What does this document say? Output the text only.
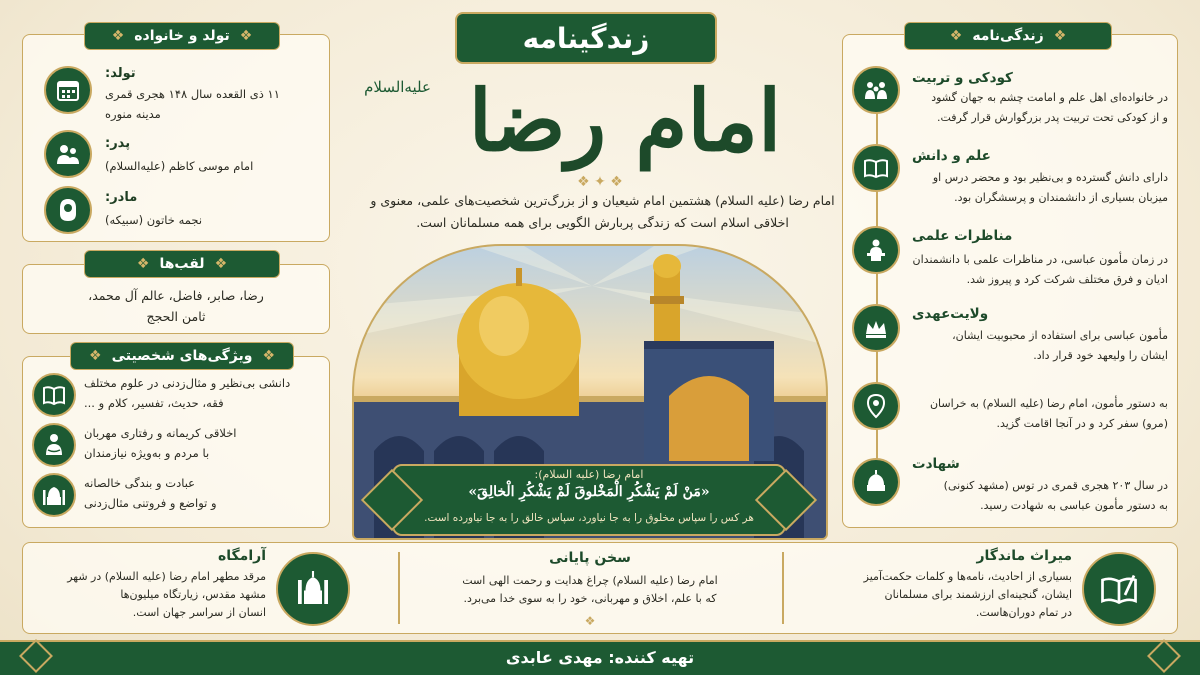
زندگینامه
امام رضا
علیه‌السلام
❖ ✦ ❖
امام رضا (علیه السلام) هشتمین امام شیعیان و از بزرگ‌ترین شخصیت‌های علمی، معنوی و اخلاقی اسلام است که زندگی پربارش الگویی برای همه مسلمانان است.
امام رضا (علیه السلام):
«مَنْ لَمْ یَشْکُرِ الْمَخْلوقَ لَمْ یَشْکُرِ الْخالِقَ»
هر کس را سپاس مخلوق را به جا نیاورد، سپاس خالق را به جا نیاورده است.
❖
تولد و خانواده
❖
تولد:
۱۱ ذی القعده سال ۱۴۸ هجری قمری
مدینه منوره
پدر:
امام موسی کاظم (علیه‌السلام)
مادر:
نجمه خاتون (سبیکه)
❖
لقب‌ها
❖
رضا، صابر، فاضل، عالم آل محمد،
ثامن الحجج
❖
ویژگی‌های شخصیتی
❖
دانشی بی‌نظیر و مثال‌زدنی در علوم مختلف
فقه، حدیث، تفسیر، کلام و ...
اخلاقی کریمانه و رفتاری مهربان
با مردم و به‌ویژه نیازمندان
عبادت و بندگی خالصانه
و تواضع و فروتنی مثال‌زدنی
❖
زندگی‌نامه
❖
کودکی و تربیت
در خانواده‌ای اهل علم و امامت چشم به جهان گشود
و از کودکی تحت تربیت پدر بزرگوارش قرار گرفت.
علم و دانش
دارای دانش گسترده و بی‌نظیر بود و محضر درس او
میزبان بسیاری از دانشمندان و پرسشگران بود.
مناظرات علمی
در زمان مأمون عباسی، در مناظرات علمی با دانشمندان
ادیان و فرق مختلف شرکت کرد و پیروز شد.
ولایت‌عهدی
مأمون عباسی برای استفاده از محبوبیت ایشان،
ایشان را ولیعهد خود قرار داد.
به دستور مأمون، امام رضا (علیه السلام) به خراسان
(مرو) سفر کرد و در آنجا اقامت گزید.
شهادت
در سال ۲۰۳ هجری قمری در توس (مشهد کنونی)
به دستور مأمون عباسی به شهادت رسید.
آرامگاه
مرقد مطهر امام رضا (علیه السلام) در شهر
مشهد مقدس، زیارتگاه میلیون‌ها
انسان از سراسر جهان است.
سخن پایانی
امام رضا (علیه السلام) چراغ هدایت و رحمت الهی است
که با علم، اخلاق و مهربانی، خود را به سوی خدا می‌برد.
❖
میراث ماندگار
بسیاری از احادیث، نامه‌ها و کلمات حکمت‌آمیز
ایشان، گنجینه‌ای ارزشمند برای مسلمانان
در تمام دوران‌هاست.
تهیه کننده: مهدی عابدی
